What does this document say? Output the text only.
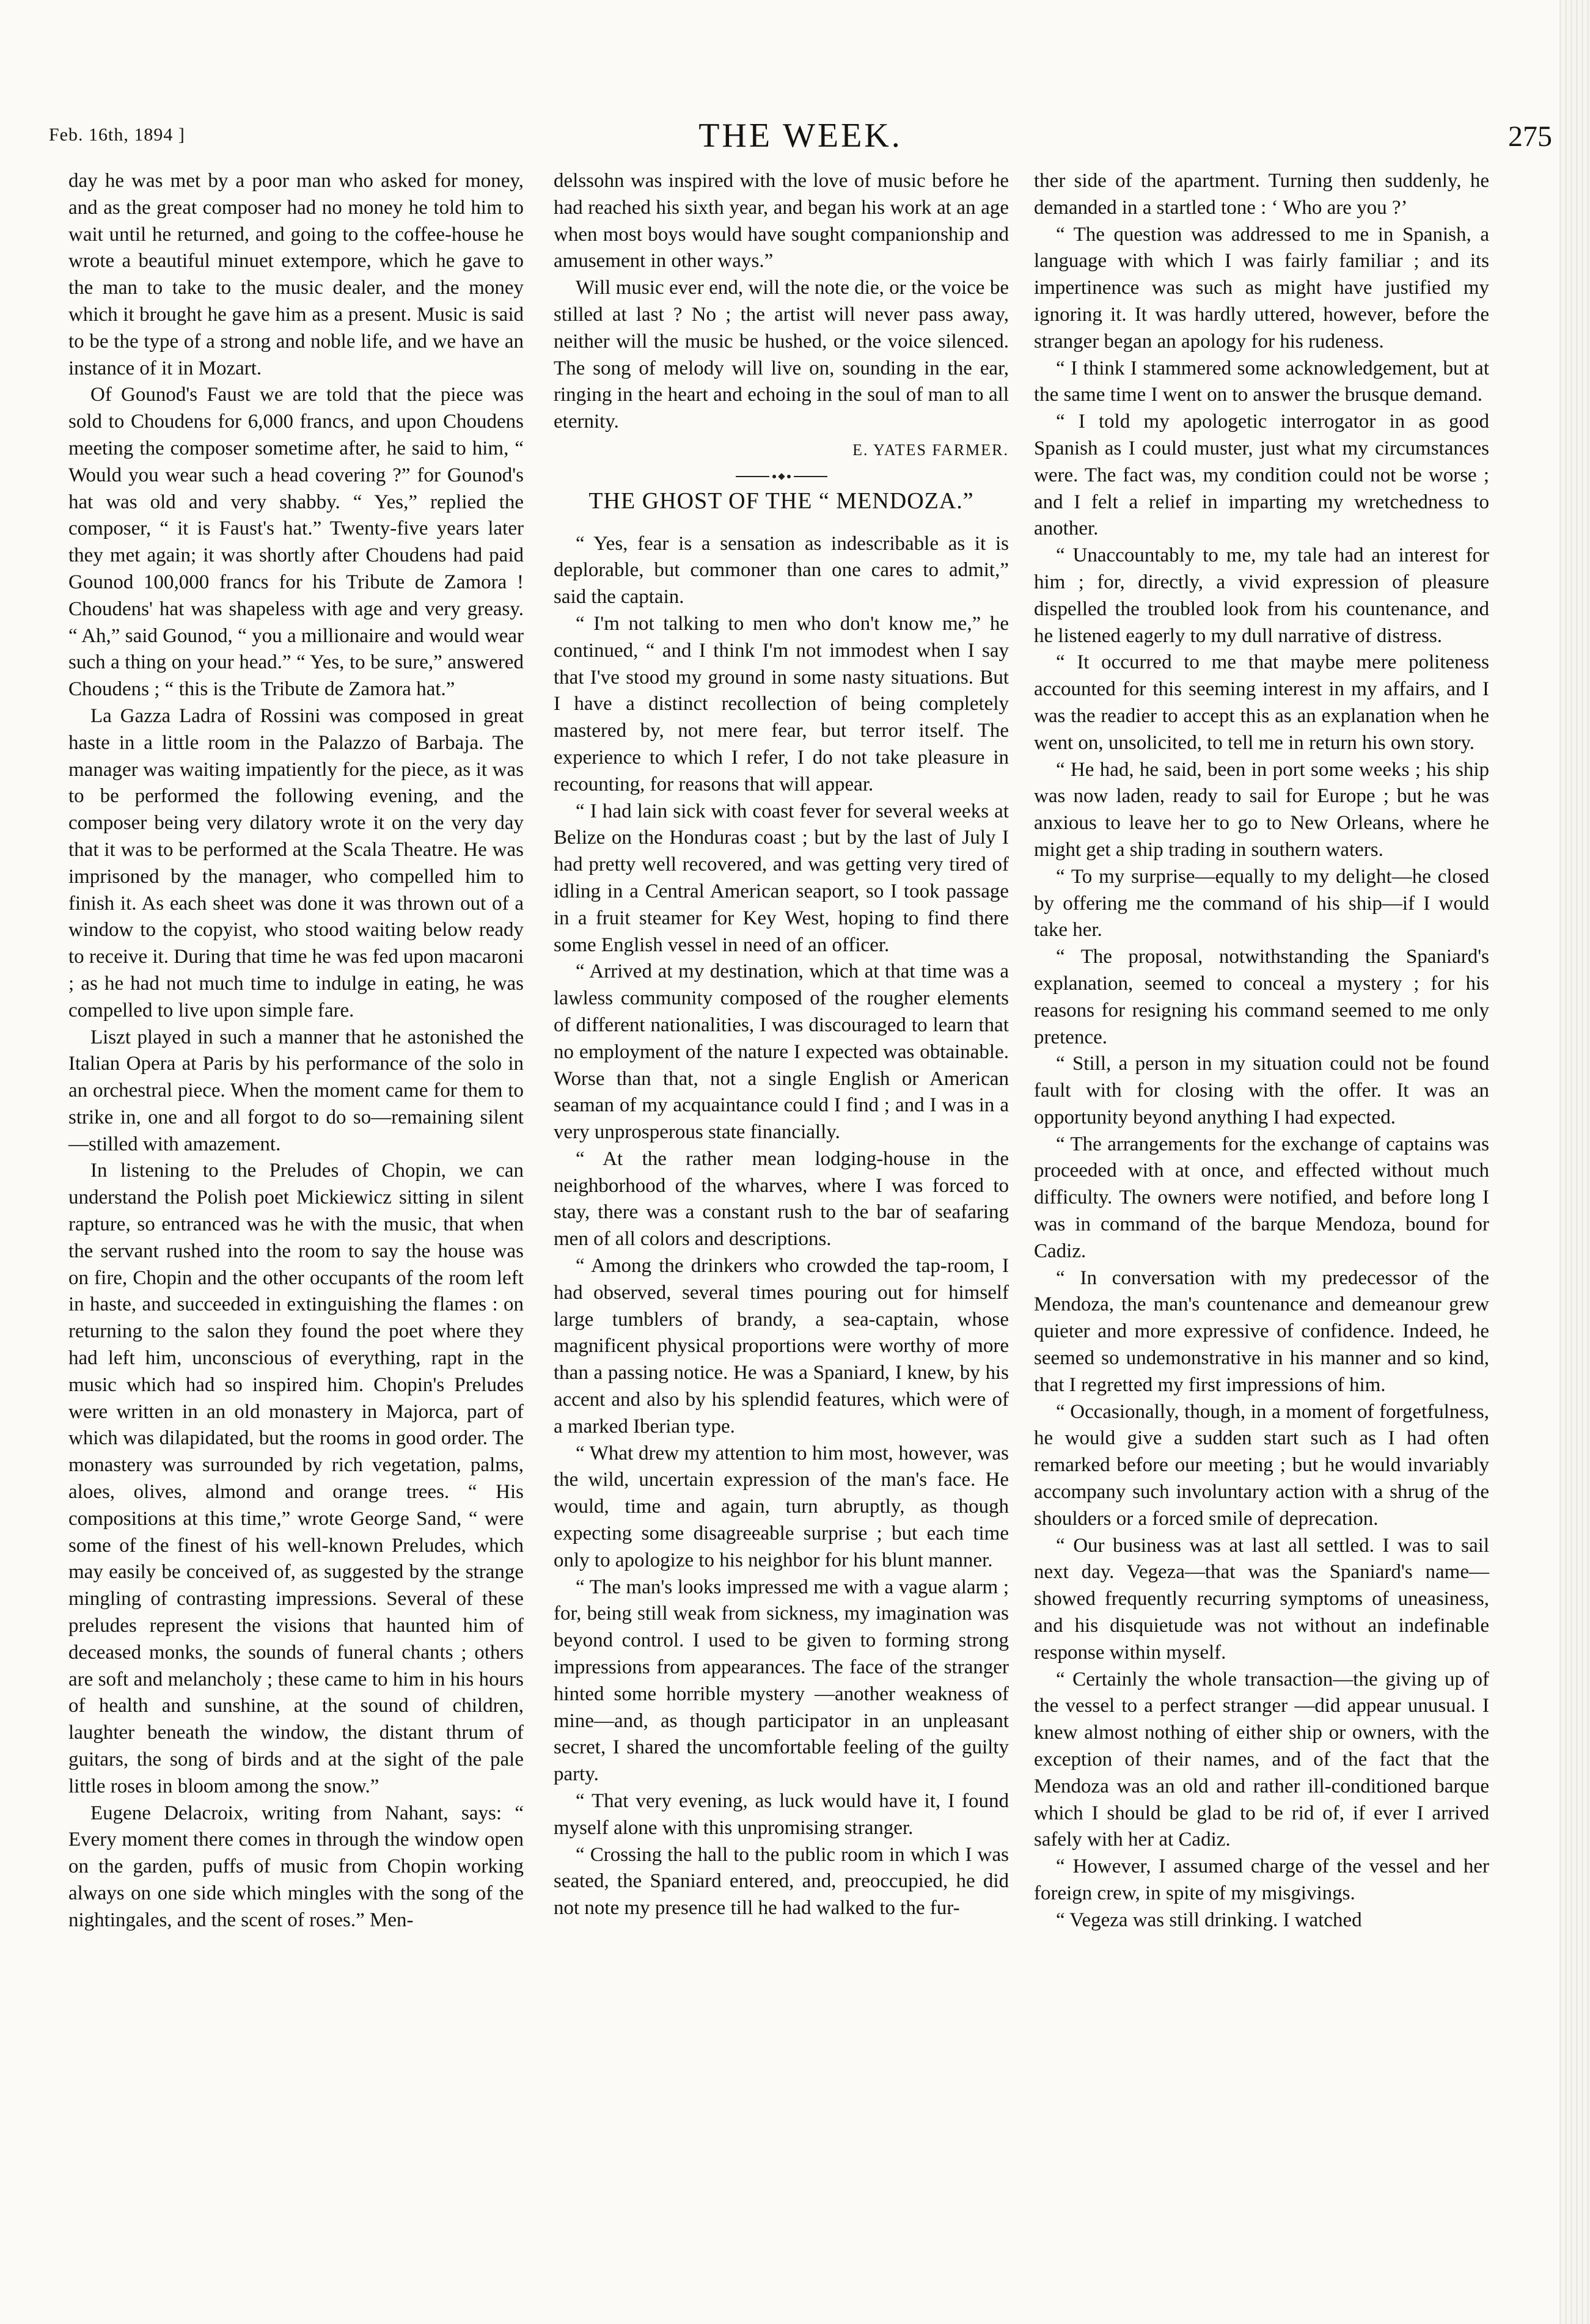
Feb. 16th, 1894 ]	THE WEEK.	275

day he was met by a poor man who asked for money, and as the great composer had no money he told him to wait until he returned, and going to the coffee-house he wrote a beautiful minuet extempore, which he gave to the man to take to the music dealer, and the money which it brought he gave him as a present. Music is said to be the type of a strong and noble life, and we have an instance of it in Mozart.

Of Gounod's Faust we are told that the piece was sold to Choudens for 6,000 francs, and upon Choudens meeting the composer sometime after, he said to him, “ Would you wear such a head covering ?” for Gounod's hat was old and very shabby. “ Yes,” replied the composer, “ it is Faust's hat.” Twenty-five years later they met again; it was shortly after Choudens had paid Gounod 100,000 francs for his Tribute de Zamora ! Choudens' hat was shapeless with age and very greasy. “ Ah,” said Gounod, “ you a millionaire and would wear such a thing on your head.” “ Yes, to be sure,” answered Choudens ; “ this is the Tribute de Zamora hat.”

La Gazza Ladra of Rossini was composed in great haste in a little room in the Palazzo of Barbaja. The manager was waiting impatiently for the piece, as it was to be performed the following evening, and the composer being very dilatory wrote it on the very day that it was to be performed at the Scala Theatre. He was imprisoned by the manager, who compelled him to finish it. As each sheet was done it was thrown out of a window to the copyist, who stood waiting below ready to receive it. During that time he was fed upon macaroni ; as he had not much time to indulge in eating, he was compelled to live upon simple fare.

Liszt played in such a manner that he astonished the Italian Opera at Paris by his performance of the solo in an orchestral piece. When the moment came for them to strike in, one and all forgot to do so—remaining silent—stilled with amazement.

In listening to the Preludes of Chopin, we can understand the Polish poet Mickiewicz sitting in silent rapture, so entranced was he with the music, that when the servant rushed into the room to say the house was on fire, Chopin and the other occupants of the room left in haste, and succeeded in extinguishing the flames : on returning to the salon they found the poet where they had left him, unconscious of everything, rapt in the music which had so inspired him. Chopin's Preludes were written in an old monastery in Majorca, part of which was dilapidated, but the rooms in good order. The monastery was surrounded by rich vegetation, palms, aloes, olives, almond and orange trees. “ His compositions at this time,” wrote George Sand, “ were some of the finest of his well-known Preludes, which may easily be conceived of, as suggested by the strange mingling of contrasting impressions. Several of these preludes represent the visions that haunted him of deceased monks, the sounds of funeral chants ; others are soft and melancholy ; these came to him in his hours of health and sunshine, at the sound of children, laughter beneath the window, the distant thrum of guitars, the song of birds and at the sight of the pale little roses in bloom among the snow.”

Eugene Delacroix, writing from Nahant, says: “ Every moment there comes in through the window open on the garden, puffs of music from Chopin working always on one side which mingles with the song of the nightingales, and the scent of roses.” Men-

delssohn was inspired with the love of music before he had reached his sixth year, and began his work at an age when most boys would have sought companionship and amusement in other ways.”

Will music ever end, will the note die, or the voice be stilled at last ? No ; the artist will never pass away, neither will the music be hushed, or the voice silenced. The song of melody will live on, sounding in the ear, ringing in the heart and echoing in the soul of man to all eternity.

E. YATES FARMER.
THE GHOST OF THE “ MENDOZA.”

“ Yes, fear is a sensation as indescribable as it is deplorable, but commoner than one cares to admit,” said the captain.

“ I'm not talking to men who don't know me,” he continued, “ and I think I'm not immodest when I say that I've stood my ground in some nasty situations. But I have a distinct recollection of being completely mastered by, not mere fear, but terror itself. The experience to which I refer, I do not take pleasure in recounting, for reasons that will appear.

“ I had lain sick with coast fever for several weeks at Belize on the Honduras coast ; but by the last of July I had pretty well recovered, and was getting very tired of idling in a Central American seaport, so I took passage in a fruit steamer for Key West, hoping to find there some English vessel in need of an officer.

“ Arrived at my destination, which at that time was a lawless community composed of the rougher elements of different nationalities, I was discouraged to learn that no employment of the nature I expected was obtainable. Worse than that, not a single English or American seaman of my acquaintance could I find ; and I was in a very unprosperous state financially.

“ At the rather mean lodging-house in the neighborhood of the wharves, where I was forced to stay, there was a constant rush to the bar of seafaring men of all colors and descriptions.

“ Among the drinkers who crowded the tap-room, I had observed, several times pouring out for himself large tumblers of brandy, a sea-captain, whose magnificent physical proportions were worthy of more than a passing notice. He was a Spaniard, I knew, by his accent and also by his splendid features, which were of a marked Iberian type.

“ What drew my attention to him most, however, was the wild, uncertain expression of the man's face. He would, time and again, turn abruptly, as though expecting some disagreeable surprise ; but each time only to apologize to his neighbor for his blunt manner.

“ The man's looks impressed me with a vague alarm ; for, being still weak from sickness, my imagination was beyond control. I used to be given to forming strong impressions from appearances. The face of the stranger hinted some horrible mystery —another weakness of mine—and, as though participator in an unpleasant secret, I shared the uncomfortable feeling of the guilty party.

“ That very evening, as luck would have it, I found myself alone with this unpromising stranger.

“ Crossing the hall to the public room in which I was seated, the Spaniard entered, and, preoccupied, he did not note my presence till he had walked to the fur-

ther side of the apartment. Turning then suddenly, he demanded in a startled tone : ‘ Who are you ?’

“ The question was addressed to me in Spanish, a language with which I was fairly familiar ; and its impertinence was such as might have justified my ignoring it. It was hardly uttered, however, before the stranger began an apology for his rudeness.

“ I think I stammered some acknowledgement, but at the same time I went on to answer the brusque demand.

“ I told my apologetic interrogator in as good Spanish as I could muster, just what my circumstances were. The fact was, my condition could not be worse ; and I felt a relief in imparting my wretchedness to another.

“ Unaccountably to me, my tale had an interest for him ; for, directly, a vivid expression of pleasure dispelled the troubled look from his countenance, and he listened eagerly to my dull narrative of distress.

“ It occurred to me that maybe mere politeness accounted for this seeming interest in my affairs, and I was the readier to accept this as an explanation when he went on, unsolicited, to tell me in return his own story.

“ He had, he said, been in port some weeks ; his ship was now laden, ready to sail for Europe ; but he was anxious to leave her to go to New Orleans, where he might get a ship trading in southern waters.

“ To my surprise—equally to my delight—he closed by offering me the command of his ship—if I would take her.

“ The proposal, notwithstanding the Spaniard's explanation, seemed to conceal a mystery ; for his reasons for resigning his command seemed to me only pretence.

“ Still, a person in my situation could not be found fault with for closing with the offer. It was an opportunity beyond anything I had expected.

“ The arrangements for the exchange of captains was proceeded with at once, and effected without much difficulty. The owners were notified, and before long I was in command of the barque Mendoza, bound for Cadiz.

“ In conversation with my predecessor of the Mendoza, the man's countenance and demeanour grew quieter and more expressive of confidence. Indeed, he seemed so undemonstrative in his manner and so kind, that I regretted my first impressions of him.

“ Occasionally, though, in a moment of forgetfulness, he would give a sudden start such as I had often remarked before our meeting ; but he would invariably accompany such involuntary action with a shrug of the shoulders or a forced smile of deprecation.

“ Our business was at last all settled. I was to sail next day. Vegeza—that was the Spaniard's name—showed frequently recurring symptoms of uneasiness, and his disquietude was not without an indefinable response within myself.

“ Certainly the whole transaction—the giving up of the vessel to a perfect stranger —did appear unusual. I knew almost nothing of either ship or owners, with the exception of their names, and of the fact that the Mendoza was an old and rather ill-conditioned barque which I should be glad to be rid of, if ever I arrived safely with her at Cadiz.

“ However, I assumed charge of the vessel and her foreign crew, in spite of my misgivings.

“ Vegeza was still drinking. I watched
